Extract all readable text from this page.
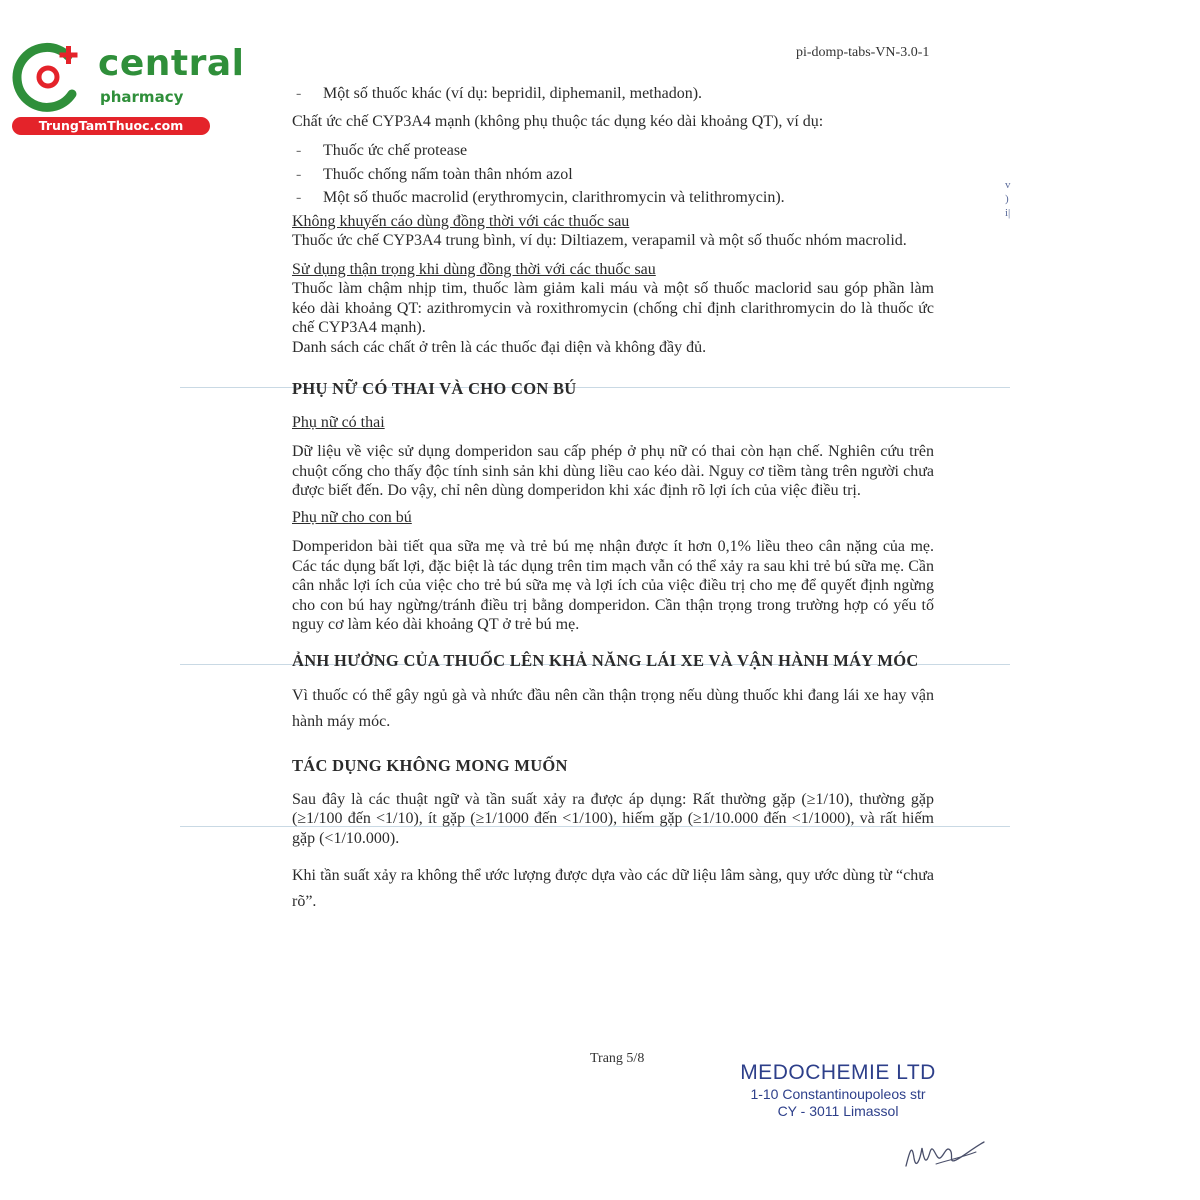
central
pharmacy
TrungTamThuoc.com
pi-domp-tabs-VN-3.0-1
v
)
i|
- Một số thuốc khác (ví dụ: bepridil, diphemanil, methadon).

Chất ức chế CYP3A4 mạnh (không phụ thuộc tác dụng kéo dài khoảng QT), ví dụ:

- Thuốc ức chế protease
- Thuốc chống nấm toàn thân nhóm azol
- Một số thuốc macrolid (erythromycin, clarithromycin và telithromycin).

Không khuyến cáo dùng đồng thời với các thuốc sau

Thuốc ức chế CYP3A4 trung bình, ví dụ: Diltiazem, verapamil và một số thuốc nhóm macrolid.

Sử dụng thận trọng khi dùng đồng thời với các thuốc sau

Thuốc làm chậm nhịp tim, thuốc làm giảm kali máu và một số thuốc maclorid sau góp phần làm kéo dài khoảng QT: azithromycin và roxithromycin (chống chỉ định clarithromycin do là thuốc ức chế CYP3A4 mạnh).

Danh sách các chất ở trên là các thuốc đại diện và không đầy đủ.

PHỤ NỮ CÓ THAI VÀ CHO CON BÚ

Phụ nữ có thai

Dữ liệu về việc sử dụng domperidon sau cấp phép ở phụ nữ có thai còn hạn chế. Nghiên cứu trên chuột cống cho thấy độc tính sinh sản khi dùng liều cao kéo dài. Nguy cơ tiềm tàng trên người chưa được biết đến. Do vậy, chỉ nên dùng domperidon khi xác định rõ lợi ích của việc điều trị.

Phụ nữ cho con bú

Domperidon bài tiết qua sữa mẹ và trẻ bú mẹ nhận được ít hơn 0,1% liều theo cân nặng của mẹ. Các tác dụng bất lợi, đặc biệt là tác dụng trên tim mạch vẫn có thể xảy ra sau khi trẻ bú sữa mẹ. Cần cân nhắc lợi ích của việc cho trẻ bú sữa mẹ và lợi ích của việc điều trị cho mẹ để quyết định ngừng cho con bú hay ngừng/tránh điều trị bằng domperidon. Cần thận trọng trong trường hợp có yếu tố nguy cơ làm kéo dài khoảng QT ở trẻ bú mẹ.

ẢNH HƯỞNG CỦA THUỐC LÊN KHẢ NĂNG LÁI XE VÀ VẬN HÀNH MÁY MÓC

Vì thuốc có thể gây ngủ gà và nhức đầu nên cần thận trọng nếu dùng thuốc khi đang lái xe hay vận hành máy móc.

TÁC DỤNG KHÔNG MONG MUỐN

Sau đây là các thuật ngữ và tần suất xảy ra được áp dụng: Rất thường gặp (≥1/10), thường gặp (≥1/100 đến <1/10), ít gặp (≥1/1000 đến <1/100), hiếm gặp (≥1/10.000 đến <1/1000), và rất hiếm gặp (<1/10.000).

Khi tần suất xảy ra không thể ước lượng được dựa vào các dữ liệu lâm sàng, quy ước dùng từ “chưa rõ”.

Trang 5/8
MEDOCHEMIE LTD
1-10 Constantinoupoleos str
CY - 3011 Limassol
